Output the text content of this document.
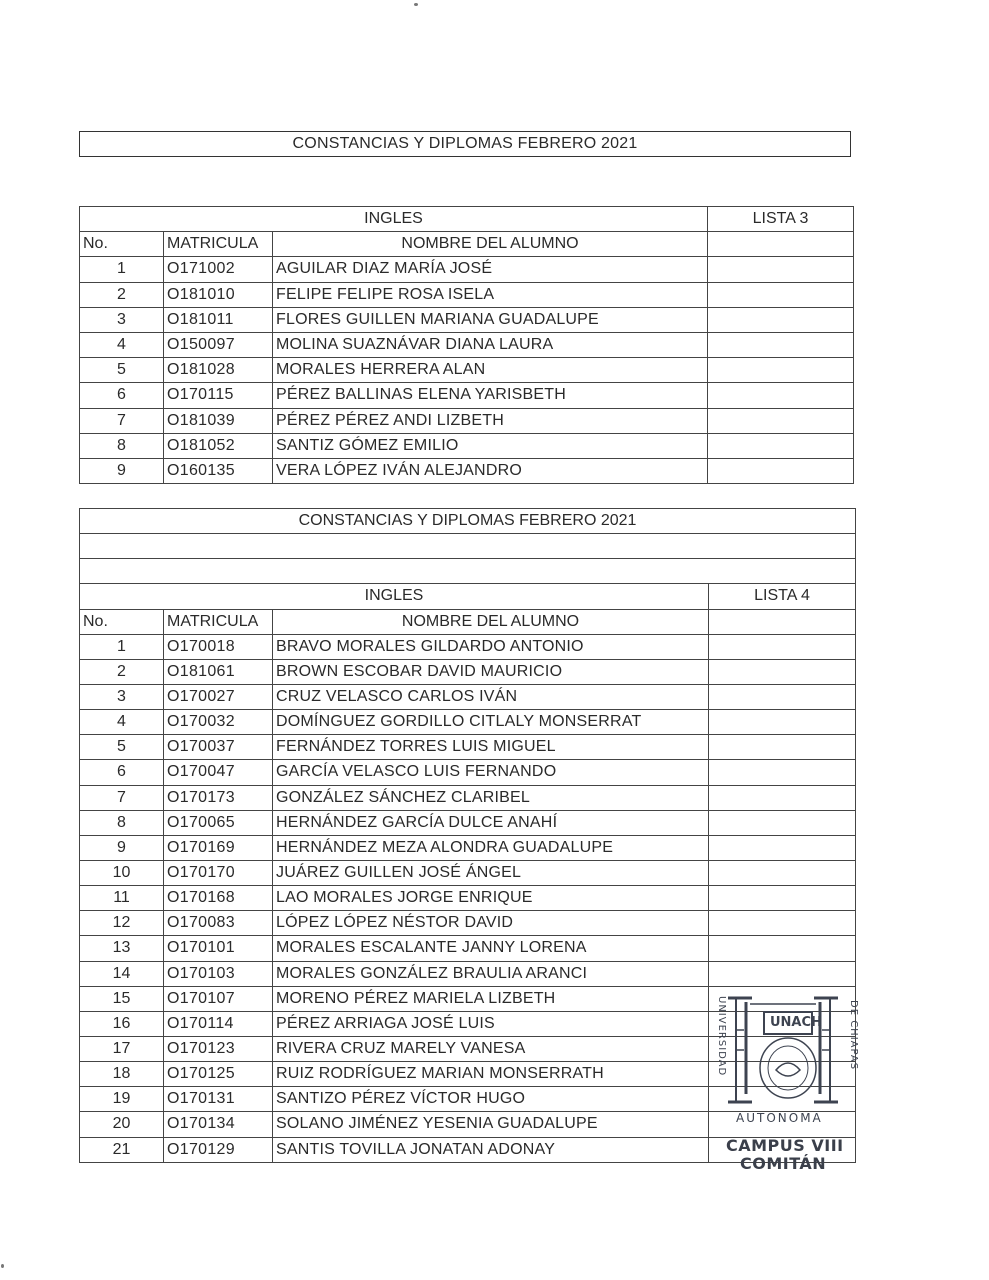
CONSTANCIAS Y DIPLOMAS FEBRERO 2021
INGLES			LISTA 3
No.	MATRICULA	NOMBRE DEL ALUMNO	
1	O171002	AGUILAR DIAZ MARÍA JOSÉ	
2	O181010	FELIPE FELIPE ROSA ISELA	
3	O181011	FLORES GUILLEN MARIANA GUADALUPE	
4	O150097	MOLINA SUAZNÁVAR DIANA LAURA	
5	O181028	MORALES HERRERA ALAN	
6	O170115	PÉREZ BALLINAS ELENA YARISBETH	
7	O181039	PÉREZ PÉREZ ANDI LIZBETH	
8	O181052	SANTIZ GÓMEZ EMILIO	
9	O160135	VERA LÓPEZ IVÁN ALEJANDRO	
CONSTANCIAS Y DIPLOMAS FEBRERO 2021			

INGLES			LISTA 4
No.	MATRICULA	NOMBRE DEL ALUMNO	
1	O170018	BRAVO MORALES GILDARDO ANTONIO	
2	O181061	BROWN ESCOBAR DAVID MAURICIO	
3	O170027	CRUZ VELASCO CARLOS IVÁN	
4	O170032	DOMÍNGUEZ GORDILLO CITLALY MONSERRAT	
5	O170037	FERNÁNDEZ TORRES LUIS MIGUEL	
6	O170047	GARCÍA VELASCO LUIS FERNANDO	
7	O170173	GONZÁLEZ SÁNCHEZ CLARIBEL	
8	O170065	HERNÁNDEZ GARCÍA DULCE ANAHÍ	
9	O170169	HERNÁNDEZ MEZA ALONDRA GUADALUPE	
10	O170170	JUÁREZ GUILLEN JOSÉ ÁNGEL	
11	O170168	LAO MORALES JORGE ENRIQUE	
12	O170083	LÓPEZ LÓPEZ NÉSTOR DAVID	
13	O170101	MORALES ESCALANTE JANNY LORENA	
14	O170103	MORALES GONZÁLEZ BRAULIA ARANCI	
15	O170107	MORENO PÉREZ MARIELA LIZBETH	
16	O170114	PÉREZ ARRIAGA JOSÉ LUIS	
17	O170123	RIVERA CRUZ MARELY VANESA	
18	O170125	RUIZ RODRÍGUEZ MARIAN MONSERRATH	
19	O170131	SANTIZO PÉREZ VÍCTOR HUGO	
20	O170134	SOLANO JIMÉNEZ YESENIA GUADALUPE	
21	O170129	SANTIS TOVILLA JONATAN ADONAY	
UNIVERSIDAD	DE CHIAPAS
UNACH
AUTONOMA
CAMPUS VIII
COMITÁN
